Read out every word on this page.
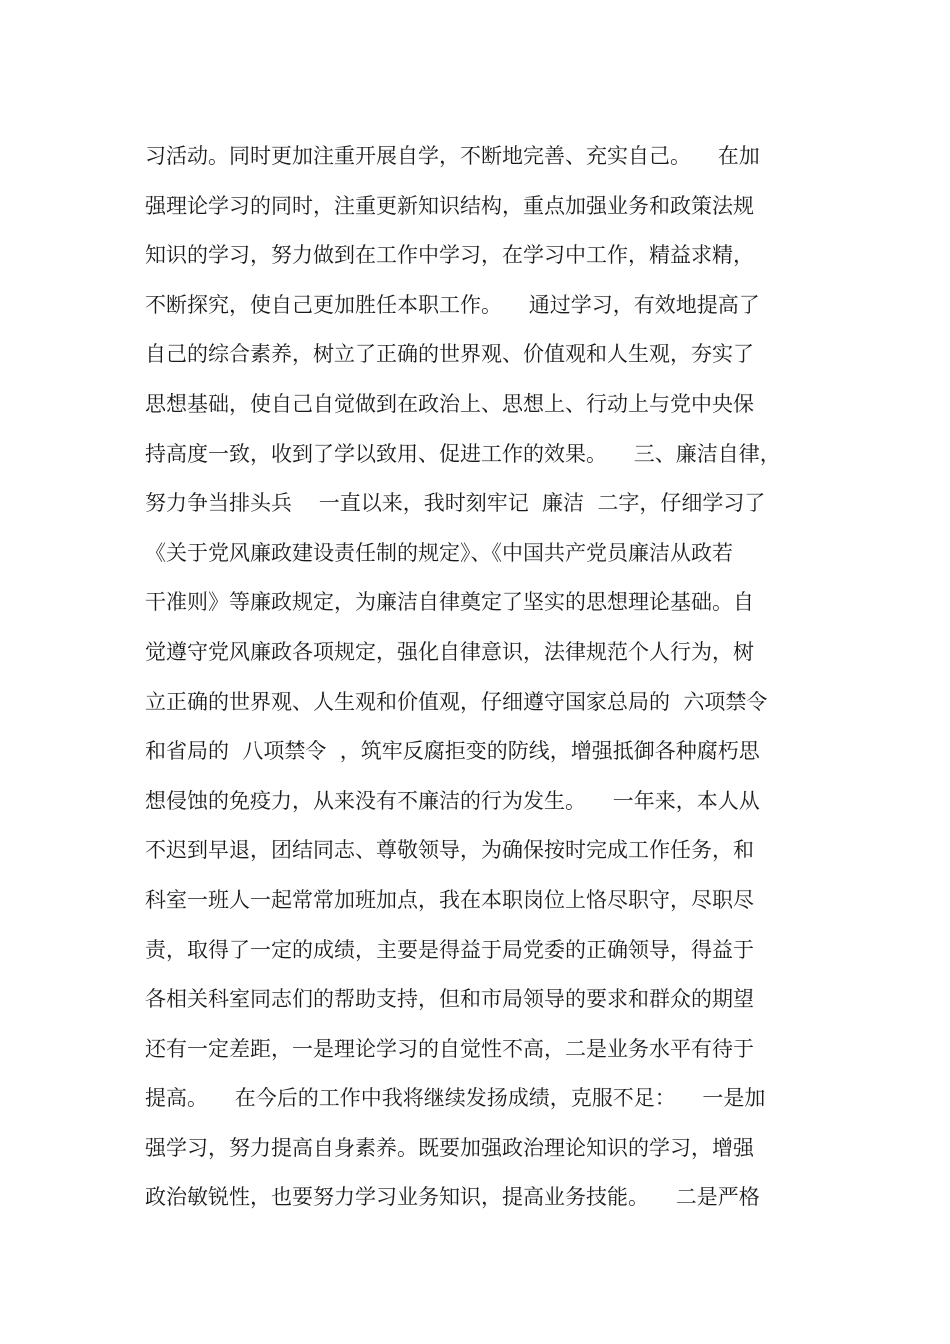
习活动。同时更加注重开展自学，不断地完善、充实自己。    在加
强理论学习的同时，注重更新知识结构，重点加强业务和政策法规
知识的学习，努力做到在工作中学习，在学习中工作，精益求精，
不断探究，使自己更加胜任本职工作。    通过学习，有效地提高了
自己的综合素养，树立了正确的世界观、价值观和人生观，夯实了
思想基础，使自己自觉做到在政治上、思想上、行动上与党中央保
持高度一致，收到了学以致用、促进工作的效果。    三、廉洁自律，
努力争当排头兵    一直以来，我时刻牢记  廉洁  二字，仔细学习了
《关于党风廉政建设责任制的规定》、《中国共产党员廉洁从政若
干准则》等廉政规定，为廉洁自律奠定了坚实的思想理论基础。自
觉遵守党风廉政各项规定，强化自律意识，法律规范个人行为，树
立正确的世界观、人生观和价值观，仔细遵守国家总局的  六项禁令
和省局的  八项禁令  ，筑牢反腐拒变的防线，增强抵御各种腐朽思
想侵蚀的免疫力，从来没有不廉洁的行为发生。    一年来，本人从
不迟到早退，团结同志、尊敬领导，为确保按时完成工作任务，和
科室一班人一起常常加班加点，我在本职岗位上恪尽职守，尽职尽
责，取得了一定的成绩，主要是得益于局党委的正确领导，得益于
各相关科室同志们的帮助支持，但和市局领导的要求和群众的期望
还有一定差距，一是理论学习的自觉性不高，二是业务水平有待于
提高。    在今后的工作中我将继续发扬成绩，克服不足：    一是加
强学习，努力提高自身素养。既要加强政治理论知识的学习，增强
政治敏锐性，也要努力学习业务知识，提高业务技能。    二是严格
